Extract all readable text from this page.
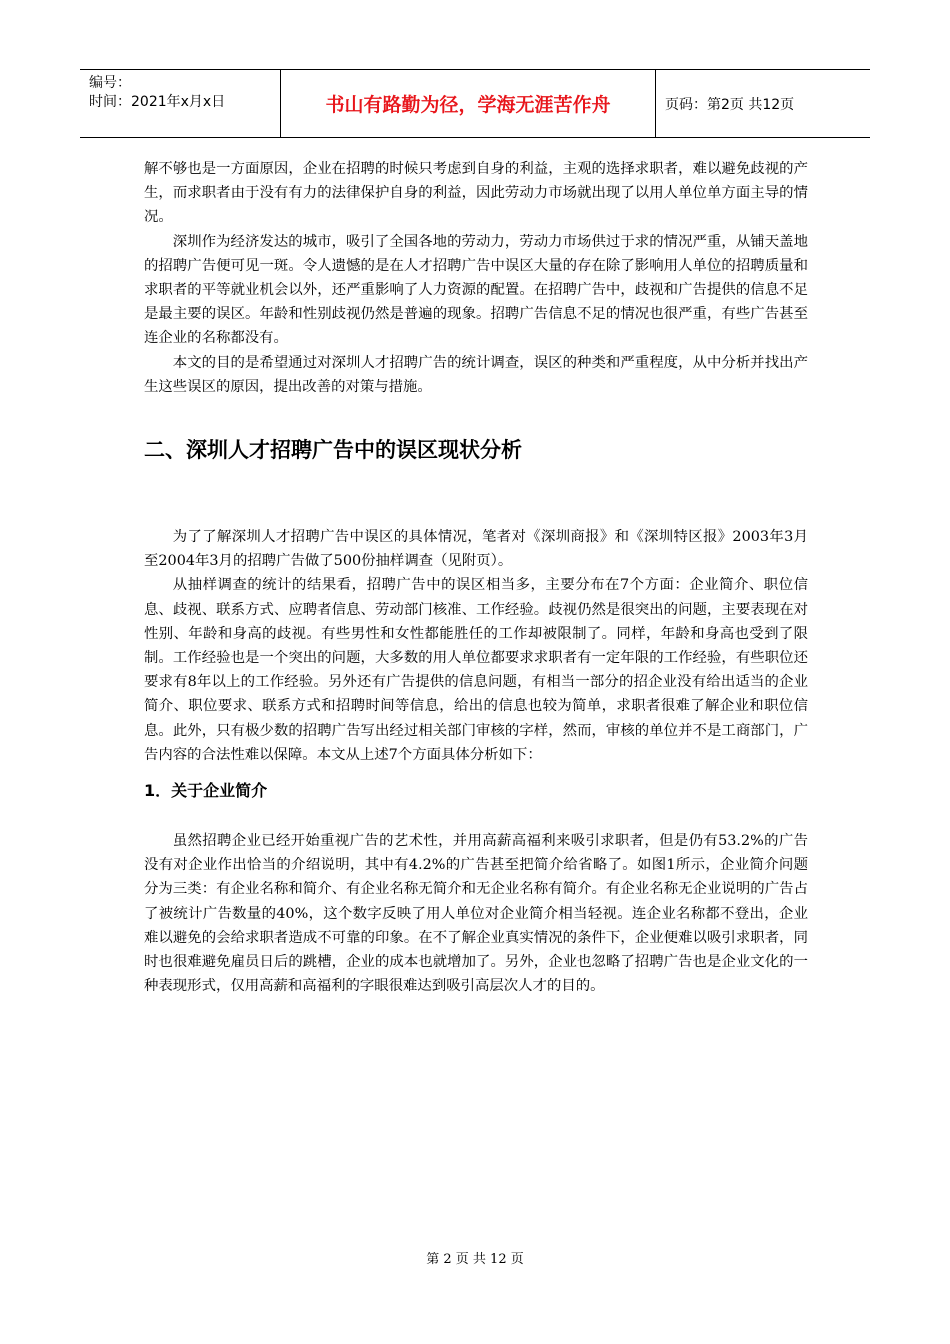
编号：
时间：2021年x月x日	书山有路勤为径，学海无涯苦作舟	页码：第2页 共12页

解不够也是一方面原因，企业在招聘的时候只考虑到自身的利益，主观的选择求职者，难以避免歧视的产生，而求职者由于没有有力的法律保护自身的利益，因此劳动力市场就出现了以用人单位单方面主导的情况。

深圳作为经济发达的城市，吸引了全国各地的劳动力，劳动力市场供过于求的情况严重，从铺天盖地的招聘广告便可见一斑。令人遗憾的是在人才招聘广告中误区大量的存在除了影响用人单位的招聘质量和求职者的平等就业机会以外，还严重影响了人力资源的配置。在招聘广告中，歧视和广告提供的信息不足是最主要的误区。年龄和性别歧视仍然是普遍的现象。招聘广告信息不足的情况也很严重，有些广告甚至连企业的名称都没有。

本文的目的是希望通过对深圳人才招聘广告的统计调查，误区的种类和严重程度，从中分析并找出产生这些误区的原因，提出改善的对策与措施。

二、深圳人才招聘广告中的误区现状分析

为了了解深圳人才招聘广告中误区的具体情况，笔者对《深圳商报》和《深圳特区报》2003年3月至2004年3月的招聘广告做了500份抽样调查（见附页）。

从抽样调查的统计的结果看，招聘广告中的误区相当多，主要分布在7个方面：企业简介、职位信息、歧视、联系方式、应聘者信息、劳动部门核准、工作经验。歧视仍然是很突出的问题，主要表现在对性别、年龄和身高的歧视。有些男性和女性都能胜任的工作却被限制了。同样，年龄和身高也受到了限制。工作经验也是一个突出的问题，大多数的用人单位都要求求职者有一定年限的工作经验，有些职位还要求有8年以上的工作经验。另外还有广告提供的信息问题，有相当一部分的招企业没有给出适当的企业简介、职位要求、联系方式和招聘时间等信息，给出的信息也较为简单，求职者很难了解企业和职位信息。此外，只有极少数的招聘广告写出经过相关部门审核的字样，然而，审核的单位并不是工商部门，广告内容的合法性难以保障。本文从上述7个方面具体分析如下：

1．关于企业简介

虽然招聘企业已经开始重视广告的艺术性，并用高薪高福利来吸引求职者，但是仍有53.2%的广告没有对企业作出恰当的介绍说明，其中有4.2%的广告甚至把简介给省略了。如图1所示，企业简介问题分为三类：有企业名称和简介、有企业名称无简介和无企业名称有简介。有企业名称无企业说明的广告占了被统计广告数量的40%，这个数字反映了用人单位对企业简介相当轻视。连企业名称都不登出，企业难以避免的会给求职者造成不可靠的印象。在不了解企业真实情况的条件下，企业便难以吸引求职者，同时也很难避免雇员日后的跳槽，企业的成本也就增加了。另外，企业也忽略了招聘广告也是企业文化的一种表现形式，仅用高薪和高福利的字眼很难达到吸引高层次人才的目的。

第 2 页 共 12 页
